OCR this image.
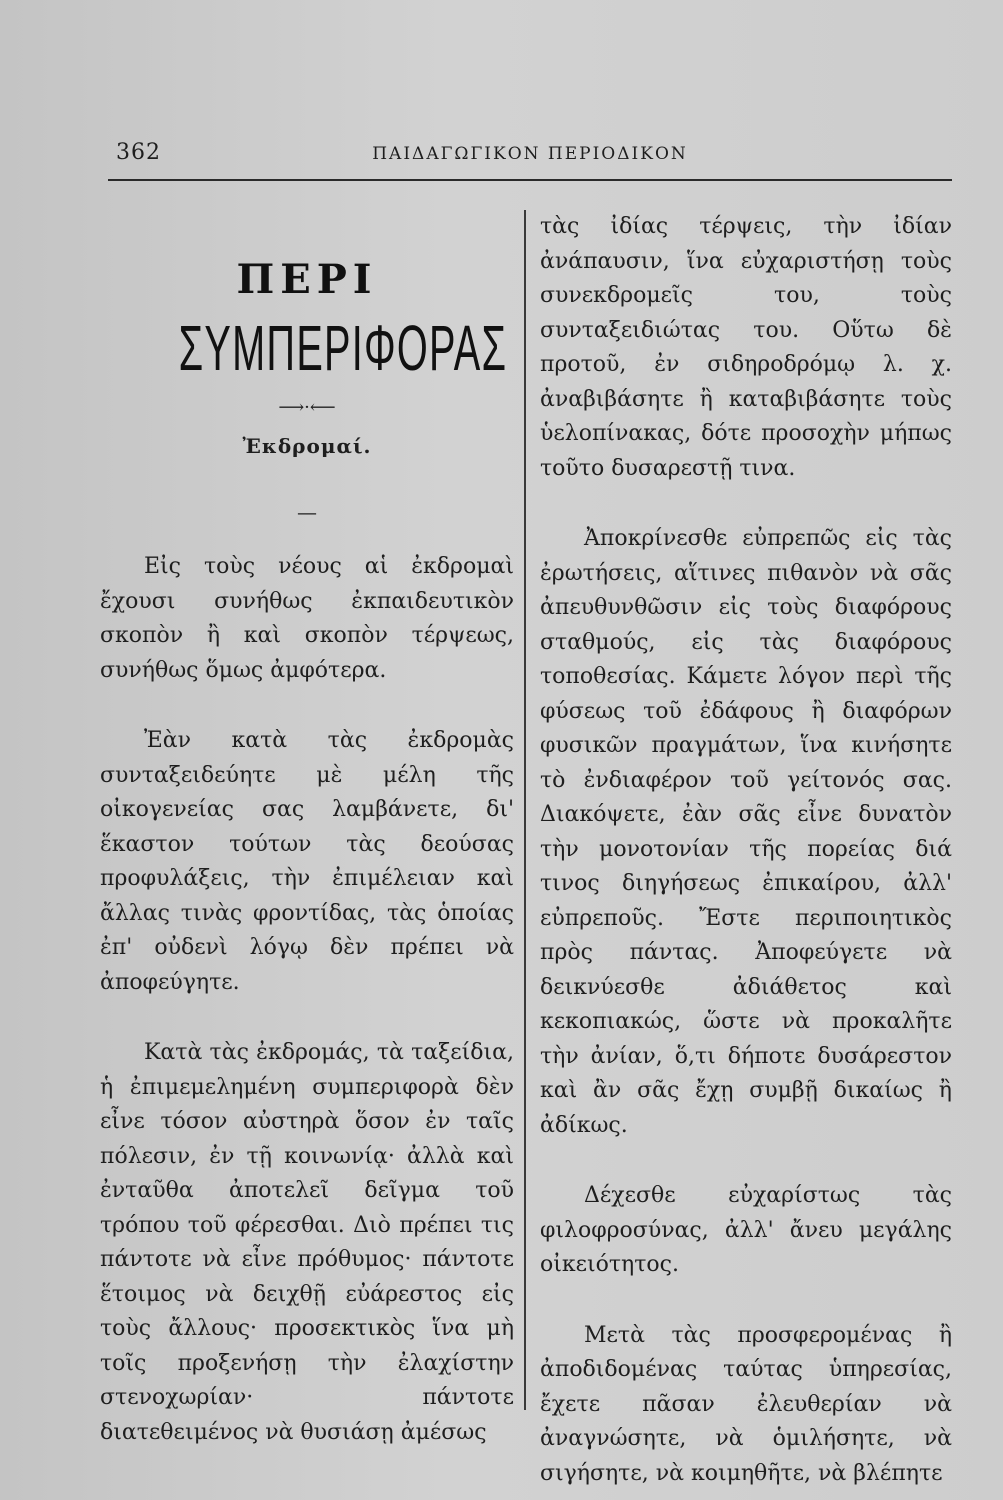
362	ΠΑΙΔΑΓΩΓΙΚΟΝ ΠΕΡΙΟΔΙΚΟΝ
ΠΕΡΙ
ΣΥΜΠΕΡΙΦΟΡΑΣ
⟶·⟵
Ἐκδρομαί.
—

Εἰς τοὺς νέους αἱ ἐκδρομαὶ ἔχουσι συνήθως ἐκπαιδευτικὸν σκοπὸν ἢ καὶ σκοπὸν τέρψεως, συνήθως ὅμως ἀμφότερα.

Ἐὰν κατὰ τὰς ἐκδρομὰς συνταξειδεύητε μὲ μέλη τῆς οἰκογενείας σας λαμβάνετε, δι' ἕκαστον τούτων τὰς δεούσας προφυλάξεις, τὴν ἐπιμέλειαν καὶ ἄλλας τινὰς φροντίδας, τὰς ὁποίας ἐπ' οὐδενὶ λόγῳ δὲν πρέπει νὰ ἀποφεύγητε.

Κατὰ τὰς ἐκδρομάς, τὰ ταξείδια, ἡ ἐπιμεμελημένη συμπεριφορὰ δὲν εἶνε τόσον αὐστηρὰ ὅσον ἐν ταῖς πόλεσιν, ἐν τῇ κοινωνίᾳ· ἀλλὰ καὶ ἐνταῦθα ἀποτελεῖ δεῖγμα τοῦ τρόπου τοῦ φέρεσθαι. Διὸ πρέπει τις πάντοτε νὰ εἶνε πρόθυμος· πάντοτε ἕτοιμος νὰ δειχθῇ εὐάρεστος εἰς τοὺς ἄλλους· προσεκτικὸς ἵνα μὴ τοῖς προξενήσῃ τὴν ἐλαχίστην στενοχωρίαν· πάντοτε διατεθειμένος νὰ θυσιάσῃ ἀμέσως

τὰς ἰδίας τέρψεις, τὴν ἰδίαν ἀνάπαυσιν, ἵνα εὐχαριστήσῃ τοὺς συνεκδρομεῖς του, τοὺς συνταξειδιώτας του. Οὕτω δὲ προτοῦ, ἐν σιδηροδρόμῳ λ. χ. ἀναβιβάσητε ἢ καταβιβάσητε τοὺς ὑελοπίνακας, δότε προσοχὴν μήπως τοῦτο δυσαρεστῇ τινα.

Ἀποκρίνεσθε εὐπρεπῶς εἰς τὰς ἐρωτήσεις, αἵτινες πιθανὸν νὰ σᾶς ἀπευθυνθῶσιν εἰς τοὺς διαφόρους σταθμούς, εἰς τὰς διαφόρους τοποθεσίας. Κάμετε λόγον περὶ τῆς φύσεως τοῦ ἐδάφους ἢ διαφόρων φυσικῶν πραγμάτων, ἵνα κινήσητε τὸ ἐνδιαφέρον τοῦ γείτονός σας. Διακόψετε, ἐὰν σᾶς εἶνε δυνατὸν τὴν μονοτονίαν τῆς πορείας διά τινος διηγήσεως ἐπικαίρου, ἀλλ' εὐπρεποῦς. Ἔστε περιποιητικὸς πρὸς πάντας. Ἀποφεύγετε νὰ δεικνύεσθε ἀδιάθετος καὶ κεκοπιακώς, ὥστε νὰ προκαλῆτε τὴν ἀνίαν, ὅ,τι δήποτε δυσάρεστον καὶ ἂν σᾶς ἔχῃ συμβῇ δικαίως ἢ ἀδίκως.

Δέχεσθε εὐχαρίστως τὰς φιλοφροσύνας, ἀλλ' ἄνευ μεγάλης οἰκειότητος.

Μετὰ τὰς προσφερομένας ἢ ἀποδιδομένας ταύτας ὑπηρεσίας, ἔχετε πᾶσαν ἐλευθερίαν νὰ ἀναγνώσητε, νὰ ὁμιλήσητε, νὰ σιγήσητε, νὰ κοιμηθῆτε, νὰ βλέπητε
